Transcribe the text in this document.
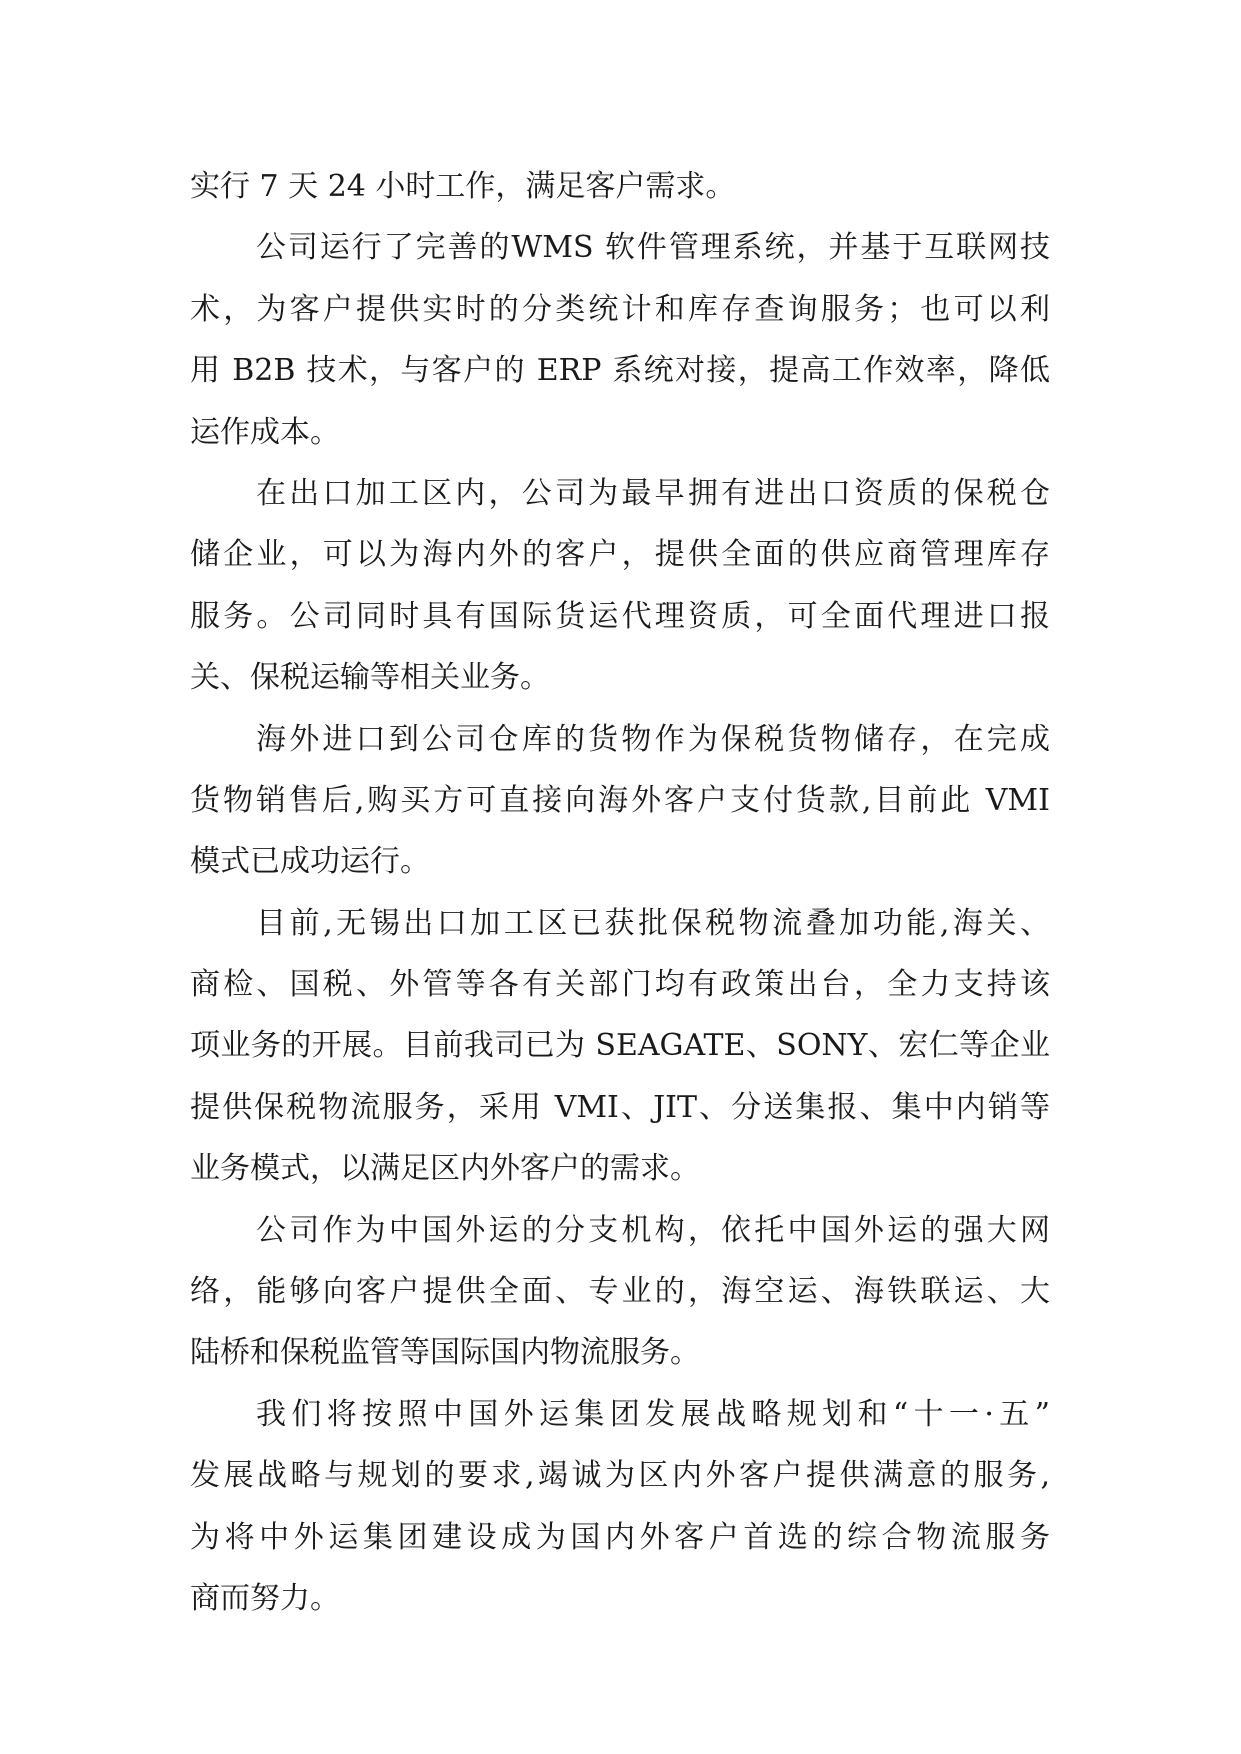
实行 7 天 24 小时工作，满足客户需求。
公司运行了完善的WMS 软件管理系统，并基于互联网技
术，为客户提供实时的分类统计和库存查询服务；也可以利
用 B2B 技术，与客户的 ERP 系统对接，提高工作效率，降低
运作成本。
在出口加工区内，公司为最早拥有进出口资质的保税仓
储企业，可以为海内外的客户，提供全面的供应商管理库存
服务。公司同时具有国际货运代理资质，可全面代理进口报
关、保税运输等相关业务。
海外进口到公司仓库的货物作为保税货物储存，在完成
货物销售后,购买方可直接向海外客户支付货款,目前此 VMI
模式已成功运行。
目前,无锡出口加工区已获批保税物流叠加功能,海关、
商检、国税、外管等各有关部门均有政策出台，全力支持该
项业务的开展。目前我司已为 SEAGATE、SONY、宏仁等企业
提供保税物流服务，采用 VMI、JIT、分送集报、集中内销等
业务模式，以满足区内外客户的需求。
公司作为中国外运的分支机构，依托中国外运的强大网
络，能够向客户提供全面、专业的，海空运、海铁联运、大
陆桥和保税监管等国际国内物流服务。
我们将按照中国外运集团发展战略规划和“十一·五”
发展战略与规划的要求,竭诚为区内外客户提供满意的服务,
为将中外运集团建设成为国内外客户首选的综合物流服务
商而努力。
